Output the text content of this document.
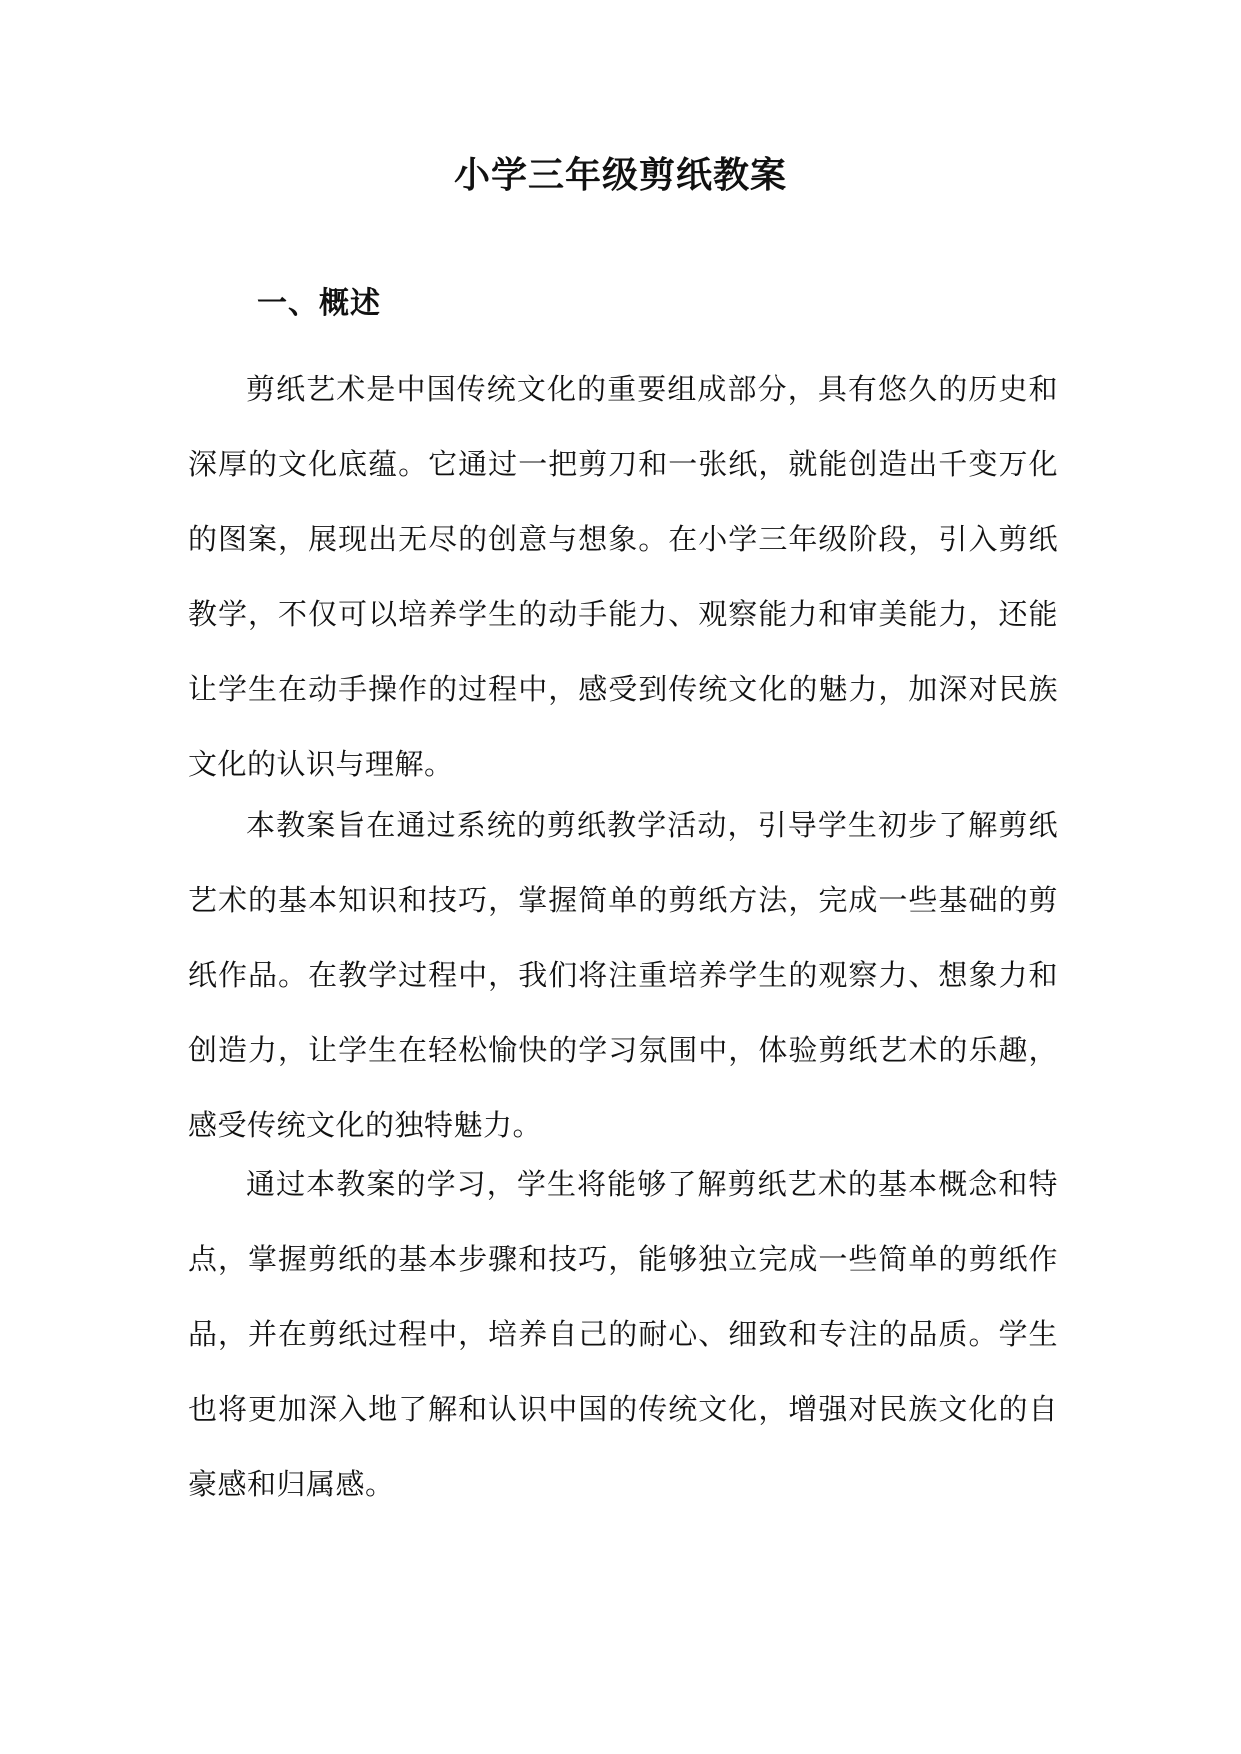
小学三年级剪纸教案
一、概述

剪纸艺术是中国传统文化的重要组成部分，具有悠久的历史和深厚的文化底蕴。它通过一把剪刀和一张纸，就能创造出千变万化的图案，展现出无尽的创意与想象。在小学三年级阶段，引入剪纸教学，不仅可以培养学生的动手能力、观察能力和审美能力，还能让学生在动手操作的过程中，感受到传统文化的魅力，加深对民族文化的认识与理解。

本教案旨在通过系统的剪纸教学活动，引导学生初步了解剪纸艺术的基本知识和技巧，掌握简单的剪纸方法，完成一些基础的剪纸作品。在教学过程中，我们将注重培养学生的观察力、想象力和创造力，让学生在轻松愉快的学习氛围中，体验剪纸艺术的乐趣，感受传统文化的独特魅力。

通过本教案的学习，学生将能够了解剪纸艺术的基本概念和特点，掌握剪纸的基本步骤和技巧，能够独立完成一些简单的剪纸作品，并在剪纸过程中，培养自己的耐心、细致和专注的品质。学生也将更加深入地了解和认识中国的传统文化，增强对民族文化的自豪感和归属感。
